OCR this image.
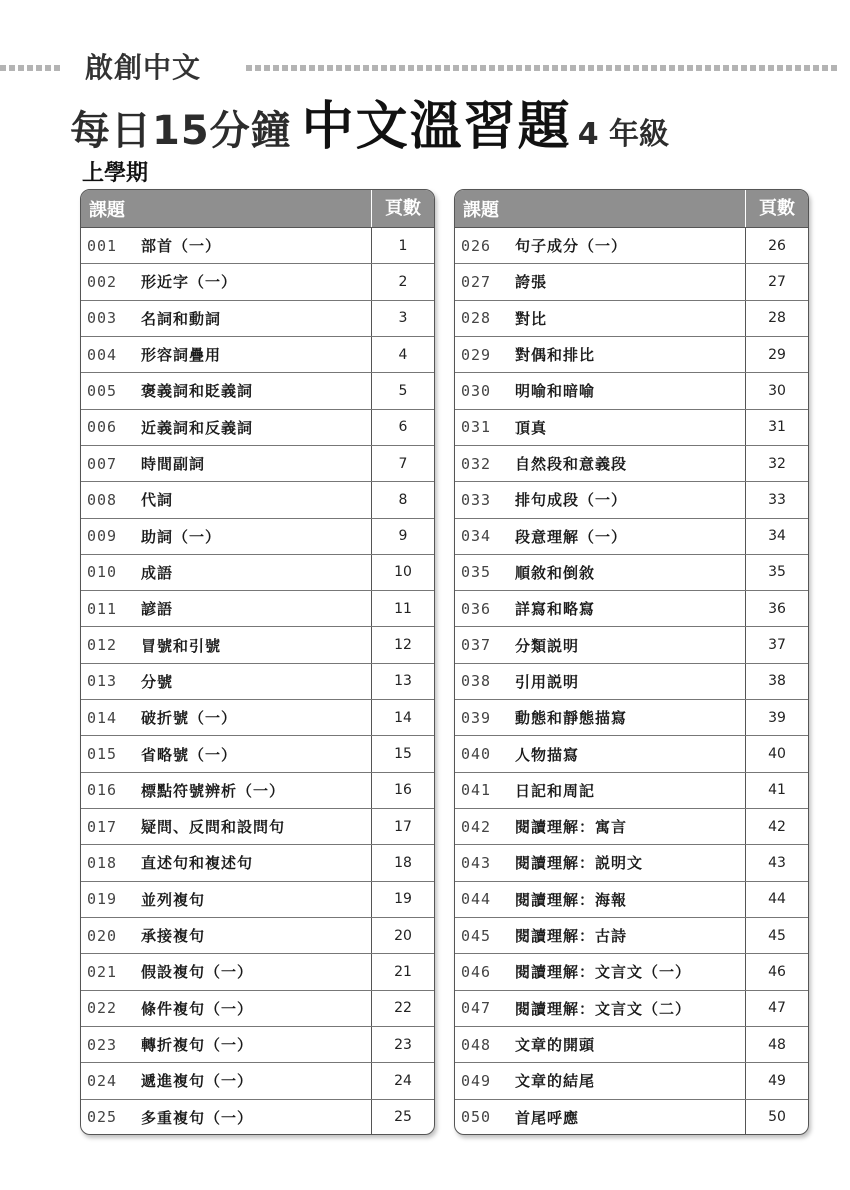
啟創中文
每日15分鐘 中文溫習題 4 年級
上學期
課題	頁數
001	部首（一）	1
002	形近字（一）	2
003	名詞和動詞	3
004	形容詞疊用	4
005	褒義詞和貶義詞	5
006	近義詞和反義詞	6
007	時間副詞	7
008	代詞	8
009	助詞（一）	9
010	成語	10
011	諺語	11
012	冒號和引號	12
013	分號	13
014	破折號（一）	14
015	省略號（一）	15
016	標點符號辨析（一）	16
017	疑問、反問和設問句	17
018	直述句和複述句	18
019	並列複句	19
020	承接複句	20
021	假設複句（一）	21
022	條件複句（一）	22
023	轉折複句（一）	23
024	遞進複句（一）	24
025	多重複句（一）	25
課題	頁數
026	句子成分（一）	26
027	誇張	27
028	對比	28
029	對偶和排比	29
030	明喻和暗喻	30
031	頂真	31
032	自然段和意義段	32
033	排句成段（一）	33
034	段意理解（一）	34
035	順敘和倒敘	35
036	詳寫和略寫	36
037	分類説明	37
038	引用説明	38
039	動態和靜態描寫	39
040	人物描寫	40
041	日記和周記	41
042	閱讀理解：寓言	42
043	閱讀理解：説明文	43
044	閱讀理解：海報	44
045	閱讀理解：古詩	45
046	閱讀理解：文言文（一）	46
047	閱讀理解：文言文（二）	47
048	文章的開頭	48
049	文章的結尾	49
050	首尾呼應	50
